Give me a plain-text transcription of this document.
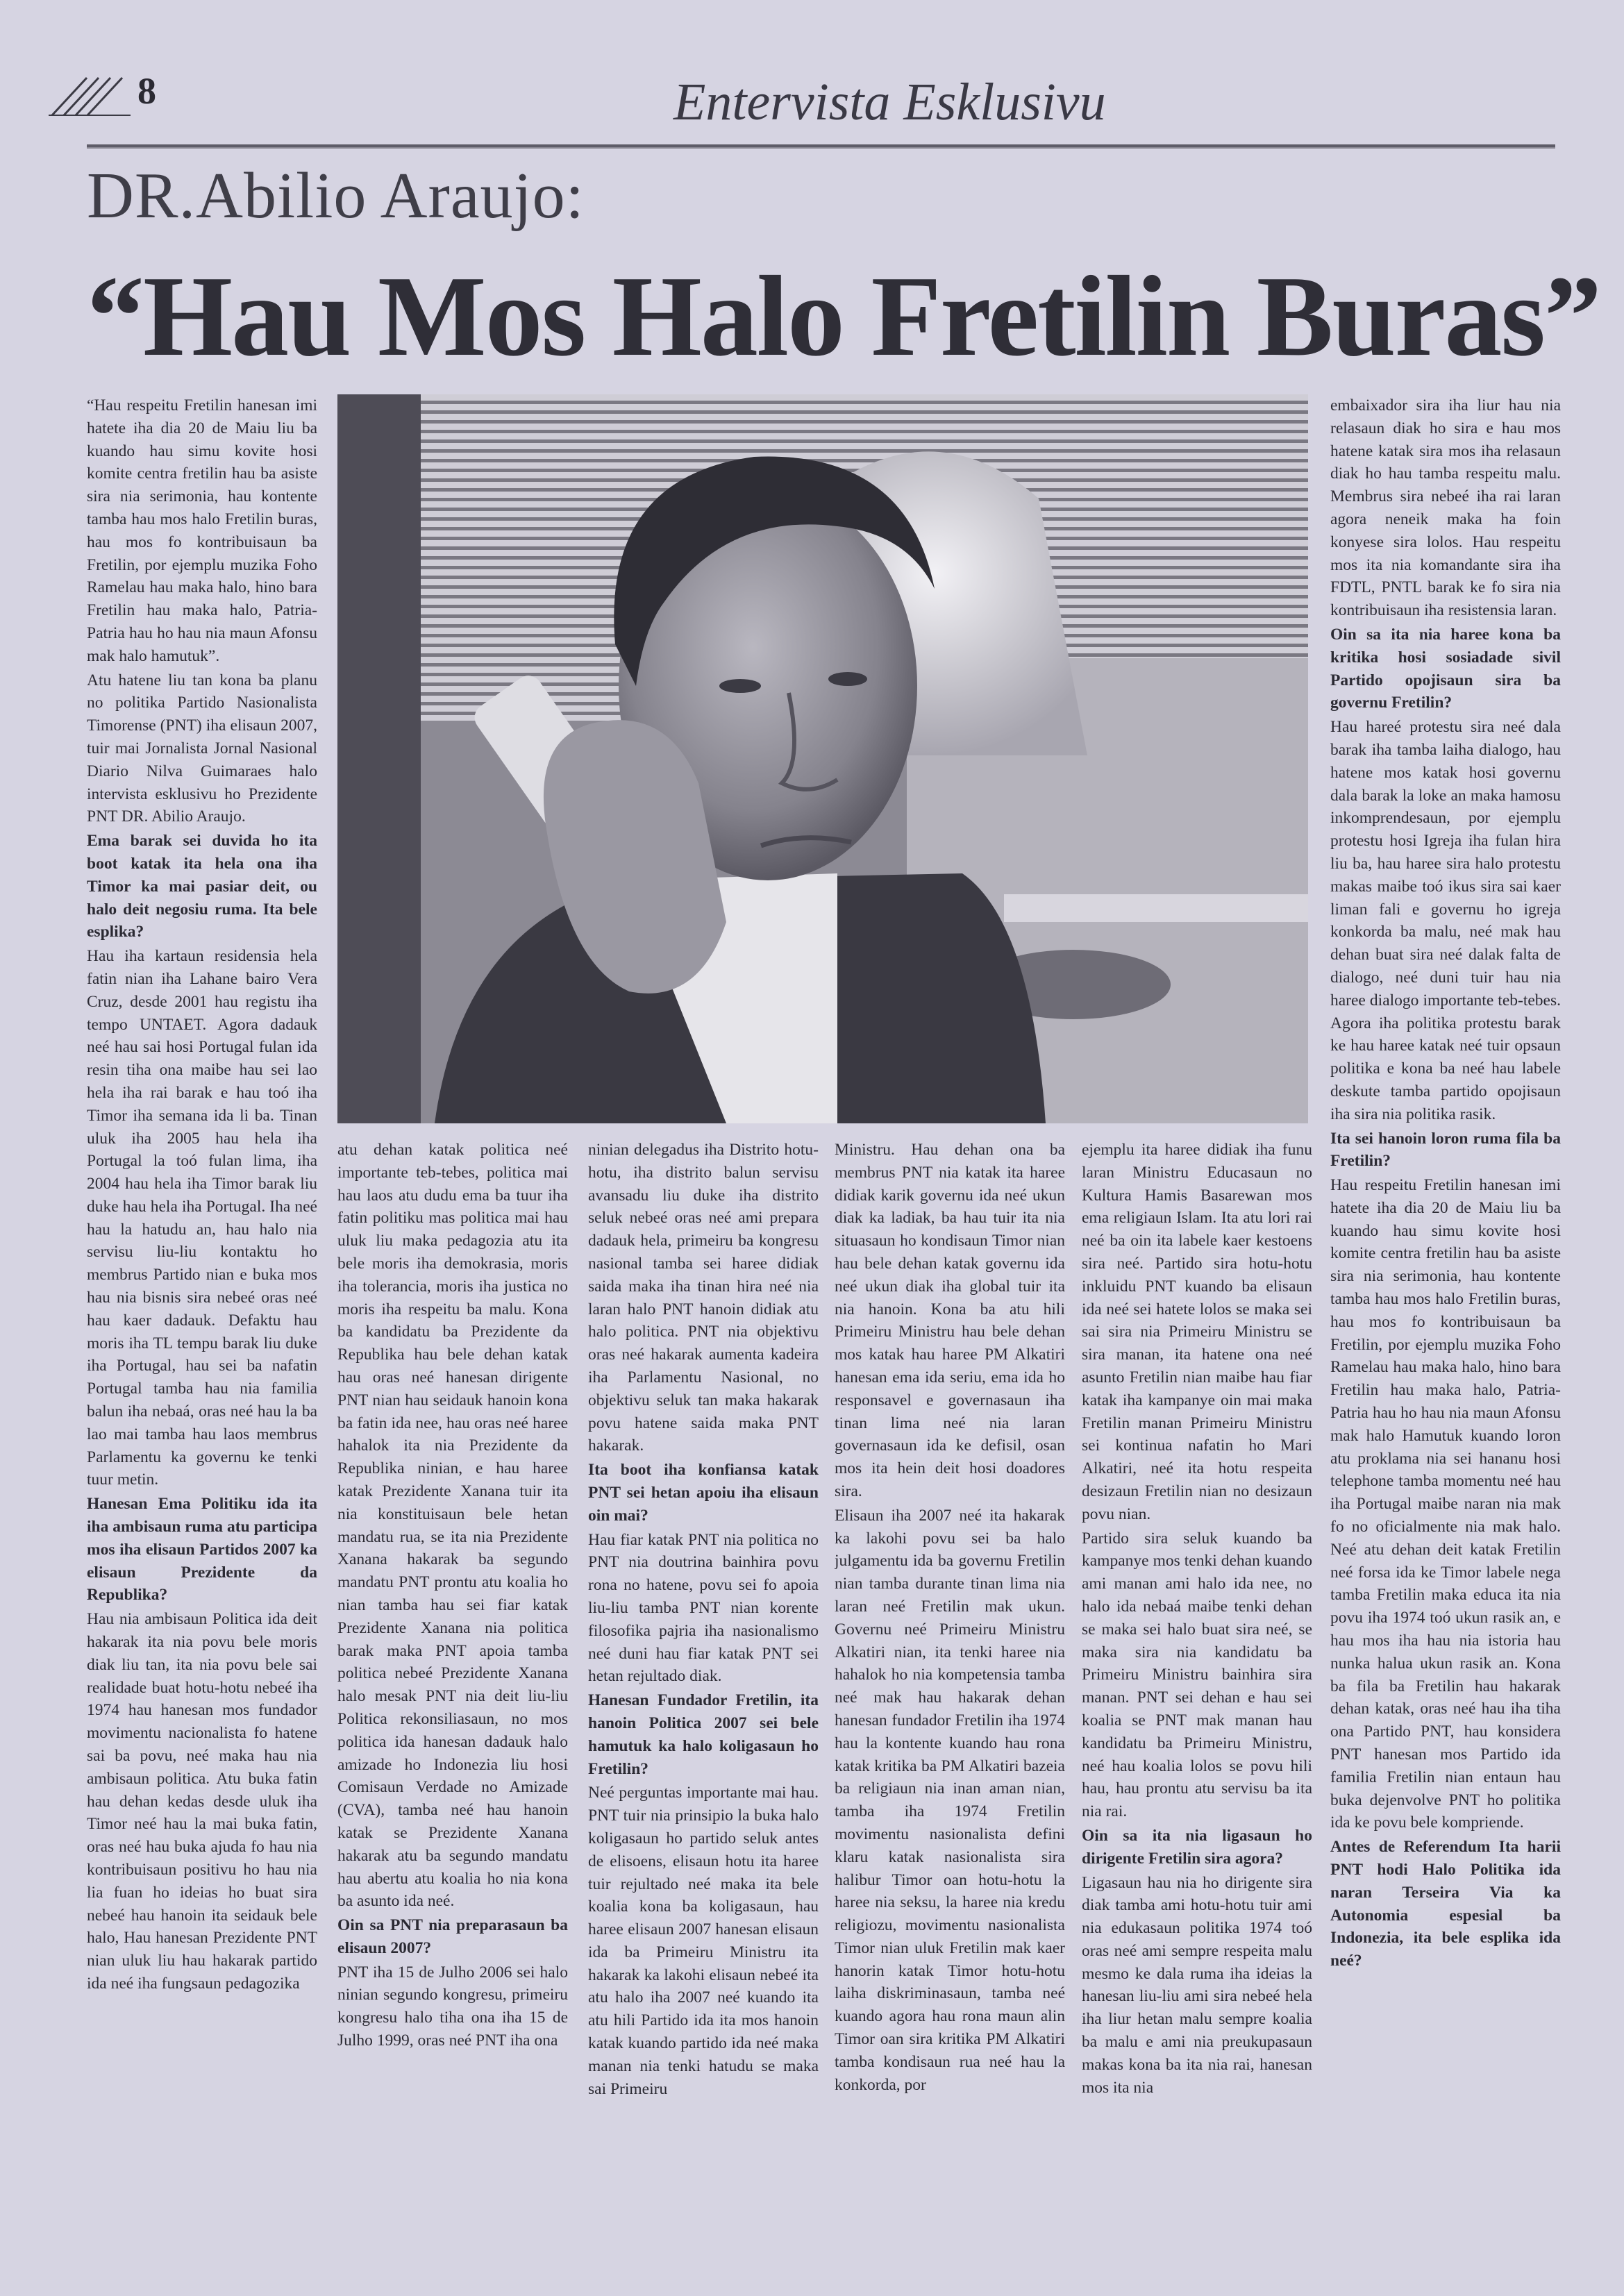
8	Entervista Esklusivu
DR.Abilio Araujo:
“Hau Mos Halo Fretilin Buras”

“Hau respeitu Fretilin hanesan imi hatete iha dia 20 de Maiu liu ba kuando hau simu kovite hosi komite centra fretilin hau ba asiste sira nia serimonia, hau kontente tamba hau mos halo Fretilin buras, hau mos fo kontribuisaun ba Fretilin, por ejemplu muzika Foho Ramelau hau maka halo, hino bara Fretilin hau maka halo, Patria-Patria hau ho hau nia maun Afonsu mak halo hamutuk”.

Atu hatene liu tan kona ba planu no politika Partido Nasionalista Timorense (PNT) iha elisaun 2007, tuir mai Jornalista Jornal Nasional Diario Nilva Guimaraes halo intervista esklusivu ho Prezidente PNT DR. Abilio Araujo.

Ema barak sei duvida ho ita boot katak ita hela ona iha Timor ka mai pasiar deit, ou halo deit negosiu ruma. Ita bele esplika?

Hau iha kartaun residensia hela fatin nian iha Lahane bairo Vera Cruz, desde 2001 hau registu iha tempo UNTAET. Agora dadauk neé hau sai hosi Portugal fulan ida resin tiha ona maibe hau sei lao hela iha rai barak e hau toó iha Timor iha semana ida li ba. Tinan uluk iha 2005 hau hela iha Portugal la toó fulan lima, iha 2004 hau hela iha Timor barak liu duke hau hela iha Portugal. Iha neé hau la hatudu an, hau halo nia servisu liu-liu kontaktu ho membrus Partido nian e buka mos hau nia bisnis sira nebeé oras neé hau kaer dadauk. Defaktu hau moris iha TL tempu barak liu duke iha Portugal, hau sei ba nafatin Portugal tamba hau nia familia balun iha nebaá, oras neé hau la ba lao mai tamba hau laos membrus Parlamentu ka governu ke tenki tuur metin.

Hanesan Ema Politiku ida ita iha ambisaun ruma atu participa mos iha elisaun Partidos 2007 ka elisaun Prezidente da Republika?

Hau nia ambisaun Politica ida deit hakarak ita nia povu bele moris diak liu tan, ita nia povu bele sai realidade buat hotu-hotu nebeé iha 1974 hau hanesan mos fundador movimentu nacionalista fo hatene sai ba povu, neé maka hau nia ambisaun politica. Atu buka fatin hau dehan kedas desde uluk iha Timor neé hau la mai buka fatin, oras neé hau buka ajuda fo hau nia kontribuisaun positivu ho hau nia lia fuan ho ideias ho buat sira nebeé hau hanoin ita seidauk bele halo, Hau hanesan Prezidente PNT nian uluk liu hau hakarak partido ida neé iha fungsaun pedagozika

atu dehan katak politica neé importante teb-tebes, politica mai hau laos atu dudu ema ba tuur iha fatin politiku mas politica mai hau uluk liu maka pedagozia atu ita bele moris iha demokrasia, moris iha tolerancia, moris iha justica no moris iha respeitu ba malu. Kona ba kandidatu ba Prezidente da Republika hau bele dehan katak hau oras neé hanesan dirigente PNT nian hau seidauk hanoin kona ba fatin ida nee, hau oras neé haree hahalok ita nia Prezidente da Republika ninian, e hau haree katak Prezidente Xanana tuir ita nia konstituisaun bele hetan mandatu rua, se ita nia Prezidente Xanana hakarak ba segundo mandatu PNT prontu atu koalia ho nian tamba hau sei fiar katak Prezidente Xanana nia politica barak maka PNT apoia tamba politica nebeé Prezidente Xanana halo mesak PNT nia deit liu-liu Politica rekonsiliasaun, no mos politica ida hanesan dadauk halo amizade ho Indonezia liu hosi Comisaun Verdade no Amizade (CVA), tamba neé hau hanoin katak se Prezidente Xanana hakarak atu ba segundo mandatu hau abertu atu koalia ho nia kona ba asunto ida neé.

Oin sa PNT nia preparasaun ba elisaun 2007?

PNT iha 15 de Julho 2006 sei halo ninian segundo kongresu, primeiru kongresu halo tiha ona iha 15 de Julho 1999, oras neé PNT iha ona

ninian delegadus iha Distrito hotu-hotu, iha distrito balun servisu avansadu liu duke iha distrito seluk nebeé oras neé ami prepara dadauk hela, primeiru ba kongresu nasional tamba sei haree didiak saida maka iha tinan hira neé nia laran halo PNT hanoin didiak atu halo politica. PNT nia objektivu oras neé hakarak aumenta kadeira iha Parlamentu Nasional, no objektivu seluk tan maka hakarak povu hatene saida maka PNT hakarak.

Ita boot iha konfiansa katak PNT sei hetan apoiu iha elisaun oin mai?

Hau fiar katak PNT nia politica no PNT nia doutrina bainhira povu rona no hatene, povu sei fo apoia liu-liu tamba PNT nian korente filosofika pajria iha nasionalismo neé duni hau fiar katak PNT sei hetan rejultado diak.

Hanesan Fundador Fretilin, ita hanoin Politica 2007 sei bele hamutuk ka halo koligasaun ho Fretilin?

Neé perguntas importante mai hau. PNT tuir nia prinsipio la buka halo koligasaun ho partido seluk antes de elisoens, elisaun hotu ita haree tuir rejultado neé maka ita bele koalia kona ba koligasaun, hau haree elisaun 2007 hanesan elisaun ida ba Primeiru Ministru ita hakarak ka lakohi elisaun nebeé ita atu halo iha 2007 neé kuando ita atu hili Partido ida ita mos hanoin katak kuando partido ida neé maka manan nia tenki hatudu se maka sai Primeiru

Ministru. Hau dehan ona ba membrus PNT nia katak ita haree didiak karik governu ida neé ukun diak ka ladiak, ba hau tuir ita nia situasaun ho kondisaun Timor nian hau bele dehan katak governu ida neé ukun diak iha global tuir ita nia hanoin. Kona ba atu hili Primeiru Ministru hau bele dehan mos katak hau haree PM Alkatiri hanesan ema ida seriu, ema ida ho responsavel e governasaun iha tinan lima neé nia laran governasaun ida ke defisil, osan mos ita hein deit hosi doadores sira.

Elisaun iha 2007 neé ita hakarak ka lakohi povu sei ba halo julgamentu ida ba governu Fretilin nian tamba durante tinan lima nia laran neé Fretilin mak ukun. Governu neé Primeiru Ministru Alkatiri nian, ita tenki haree nia hahalok ho nia kompetensia tamba neé mak hau hakarak dehan hanesan fundador Fretilin iha 1974 hau la kontente kuando hau rona katak kritika ba PM Alkatiri bazeia ba religiaun nia inan aman nian, tamba iha 1974 Fretilin movimentu nasionalista defini klaru katak nasionalista sira halibur Timor oan hotu-hotu la haree nia seksu, la haree nia kredu religiozu, movimentu nasionalista Timor nian uluk Fretilin mak kaer hanorin katak Timor hotu-hotu laiha diskriminasaun, tamba neé kuando agora hau rona maun alin Timor oan sira kritika PM Alkatiri tamba kondisaun rua neé hau la konkorda, por

ejemplu ita haree didiak iha funu laran Ministru Educasaun no Kultura Hamis Basarewan mos ema religiaun Islam. Ita atu lori rai neé ba oin ita labele kaer kestoens sira neé. Partido sira hotu-hotu inkluidu PNT kuando ba elisaun ida neé sei hatete lolos se maka sei sai sira nia Primeiru Ministru se sira manan, ita hatene ona neé asunto Fretilin nian maibe hau fiar katak iha kampanye oin mai maka Fretilin manan Primeiru Ministru sei kontinua nafatin ho Mari Alkatiri, neé ita hotu respeita desizaun Fretilin nian no desizaun povu nian.

Partido sira seluk kuando ba kampanye mos tenki dehan kuando ami manan ami halo ida nee, no halo ida nebaá maibe tenki dehan se maka sei halo buat sira neé, se maka sira nia kandidatu ba Primeiru Ministru bainhira sira manan. PNT sei dehan e hau sei koalia se PNT mak manan hau kandidatu ba Primeiru Ministru, neé hau koalia lolos se povu hili hau, hau prontu atu servisu ba ita nia rai.

Oin sa ita nia ligasaun ho dirigente Fretilin sira agora?

Ligasaun hau nia ho dirigente sira diak tamba ami hotu-hotu tuir ami nia edukasaun politika 1974 toó oras neé ami sempre respeita malu mesmo ke dala ruma iha ideias la hanesan liu-liu ami sira nebeé hela iha liur hetan malu sempre koalia ba malu e ami nia preukupasaun makas kona ba ita nia rai, hanesan mos ita nia

embaixador sira iha liur hau nia relasaun diak ho sira e hau mos hatene katak sira mos iha relasaun diak ho hau tamba respeitu malu. Membrus sira nebeé iha rai laran agora neneik maka ha foin konyese sira lolos. Hau respeitu mos ita nia komandante sira iha FDTL, PNTL barak ke fo sira nia kontribuisaun iha resistensia laran.

Oin sa ita nia haree kona ba kritika hosi sosiadade sivil Partido opojisaun sira ba governu Fretilin?

Hau hareé protestu sira neé dala barak iha tamba laiha dialogo, hau hatene mos katak hosi governu dala barak la loke an maka hamosu inkomprendesaun, por ejemplu protestu hosi Igreja iha fulan hira liu ba, hau haree sira halo protestu makas maibe toó ikus sira sai kaer liman fali e governu ho igreja konkorda ba malu, neé mak hau dehan buat sira neé dalak falta de dialogo, neé duni tuir hau nia haree dialogo importante teb-tebes. Agora iha politika protestu barak ke hau haree katak neé tuir opsaun politika e kona ba neé hau labele deskute tamba partido opojisaun iha sira nia politika rasik.

Ita sei hanoin loron ruma fila ba Fretilin?

Hau respeitu Fretilin hanesan imi hatete iha dia 20 de Maiu liu ba kuando hau simu kovite hosi komite centra fretilin hau ba asiste sira nia serimonia, hau kontente tamba hau mos halo Fretilin buras, hau mos fo kontribuisaun ba Fretilin, por ejemplu muzika Foho Ramelau hau maka halo, hino bara Fretilin hau maka halo, Patria-Patria hau ho hau nia maun Afonsu mak halo Hamutuk kuando loron atu proklama nia sei hananu hosi telephone tamba momentu neé hau iha Portugal maibe naran nia mak fo no oficialmente nia mak halo. Neé atu dehan deit katak Fretilin neé forsa ida ke Timor labele nega tamba Fretilin maka educa ita nia povu iha 1974 toó ukun rasik an, e hau mos iha hau nia istoria hau nunka halua ukun rasik an. Kona ba fila ba Fretilin hau hakarak dehan katak, oras neé hau iha tiha ona Partido PNT, hau konsidera PNT hanesan mos Partido ida familia Fretilin nian entaun hau buka dejenvolve PNT ho politika ida ke povu bele kompriende.

Antes de Referendum Ita harii PNT hodi Halo Politika ida naran Terseira Via ka Autonomia espesial ba Indonezia, ita bele esplika ida neé?
